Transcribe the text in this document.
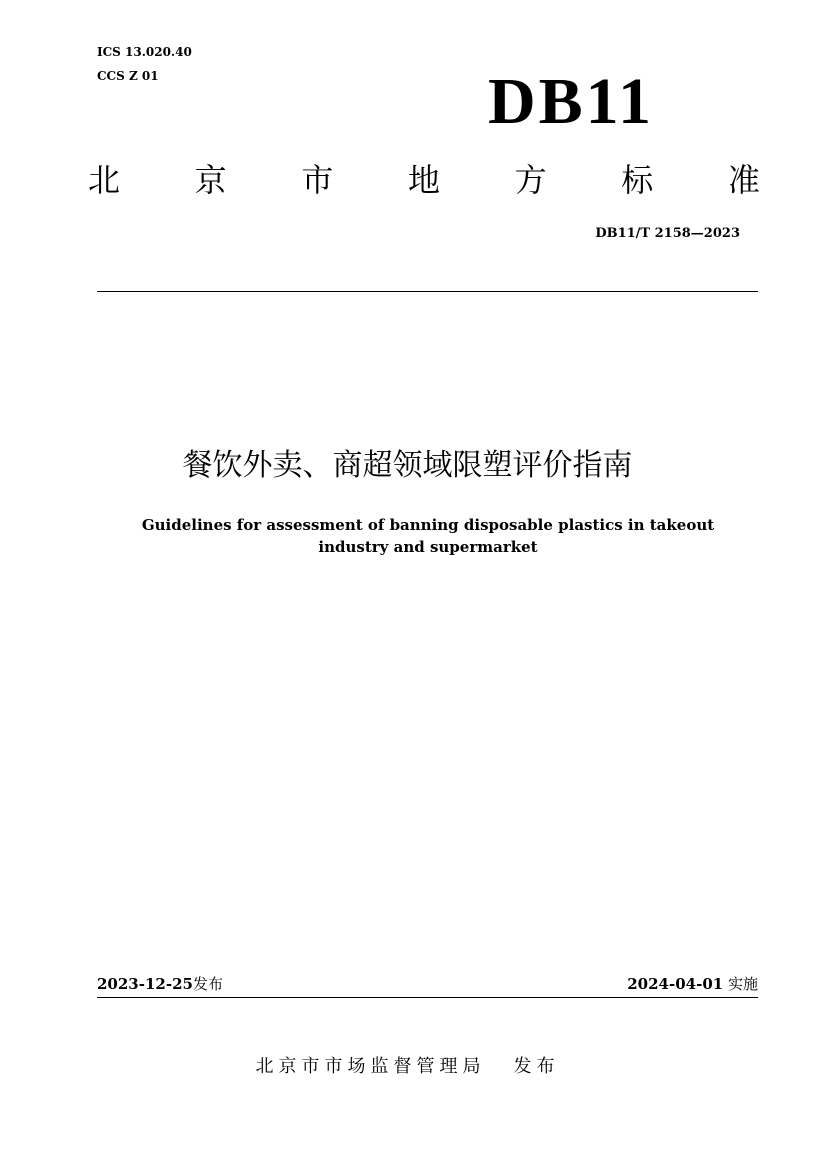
ICS 13.020.40
CCS Z 01	DB11
北 京 市 地 方 标 准
DB11/T 2158—2023
餐饮外卖、商超领域限塑评价指南
Guidelines for assessment of banning disposable plastics in takeout
industry and supermarket
2023-12-25发布	2024-04-01 实施
北京市市场监督管理局 发布
